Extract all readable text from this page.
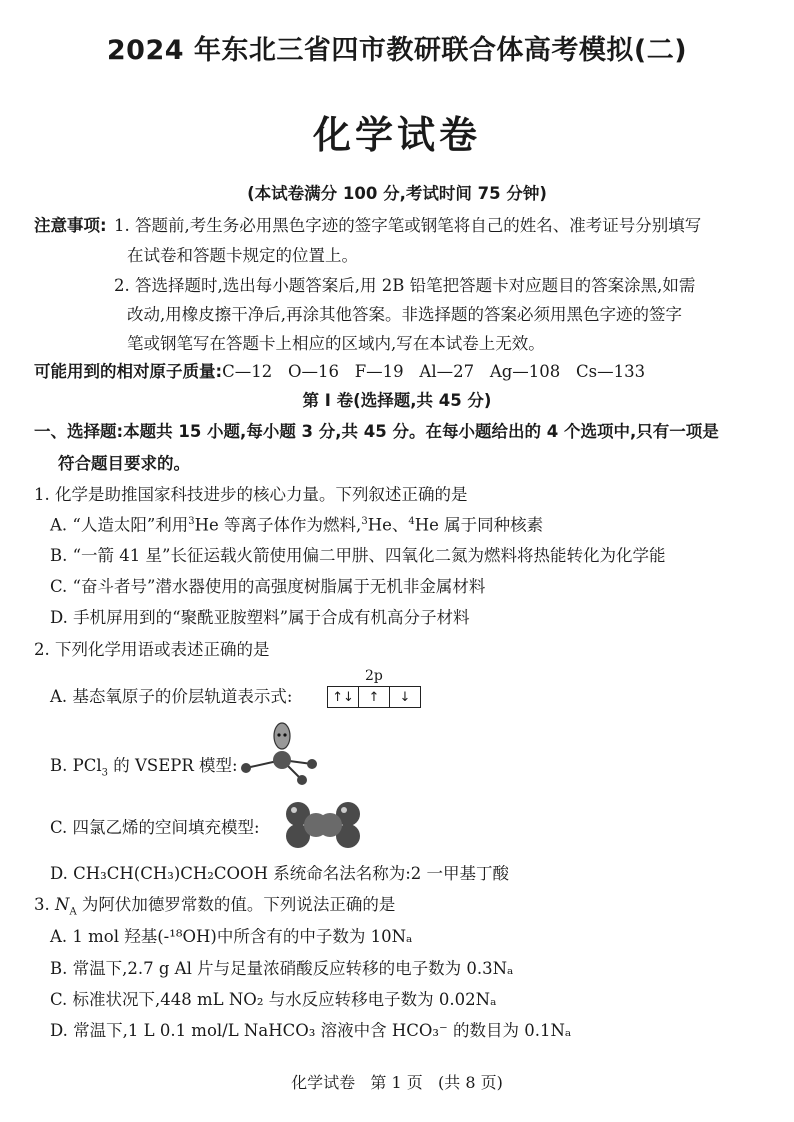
2024 年东北三省四市教研联合体高考模拟(二)
化学试卷
(本试卷满分 100 分,考试时间 75 分钟)
注意事项: 1. 答题前,考生务必用黑色字迹的签字笔或钢笔将自己的姓名、准考证号分别填写
在试卷和答题卡规定的位置上。
2. 答选择题时,选出每小题答案后,用 2B 铅笔把答题卡对应题目的答案涂黑,如需
改动,用橡皮擦干净后,再涂其他答案。非选择题的答案必须用黑色字迹的签字
笔或钢笔写在答题卡上相应的区域内,写在本试卷上无效。
可能用到的相对原子质量:C—12   O—16   F—19   Al—27   Ag—108   Cs—133
第 Ⅰ 卷(选择题,共 45 分)
一、选择题:本题共 15 小题,每小题 3 分,共 45 分。在每小题给出的 4 个选项中,只有一项是
符合题目要求的。
1. 化学是助推国家科技进步的核心力量。下列叙述正确的是
A. “人造太阳”利用$^3$He 等离子体作为燃料,$^3$He、$^4$He 属于同种核素
B. “一箭 41 星”长征运载火箭使用偏二甲肼、四氧化二氮为燃料将热能转化为化学能
C. “奋斗者号”潜水器使用的高强度树脂属于无机非金属材料
D. 手机屏用到的“聚酰亚胺塑料”属于合成有机高分子材料
2. 下列化学用语或表述正确的是
A. 基态氧原子的价层轨道表示式:
2p
↑↓	↑	↓
B. PCl$_3$ 的 VSEPR 模型:
C. 四氯乙烯的空间填充模型:
D. CH₃CH(CH₃)CH₂COOH 系统命名法名称为:2 一甲基丁酸
3. $N_A$ 为阿伏加德罗常数的值。下列说法正确的是
A. 1 mol 羟基(-¹⁸OH)中所含有的中子数为 10Nₐ
B. 常温下,2.7 g Al 片与足量浓硝酸反应转移的电子数为 0.3Nₐ
C. 标准状况下,448 mL NO₂ 与水反应转移电子数为 0.02Nₐ
D. 常温下,1 L 0.1 mol/L NaHCO₃ 溶液中含 HCO₃⁻ 的数目为 0.1Nₐ
化学试卷   第 1 页   (共 8 页)
